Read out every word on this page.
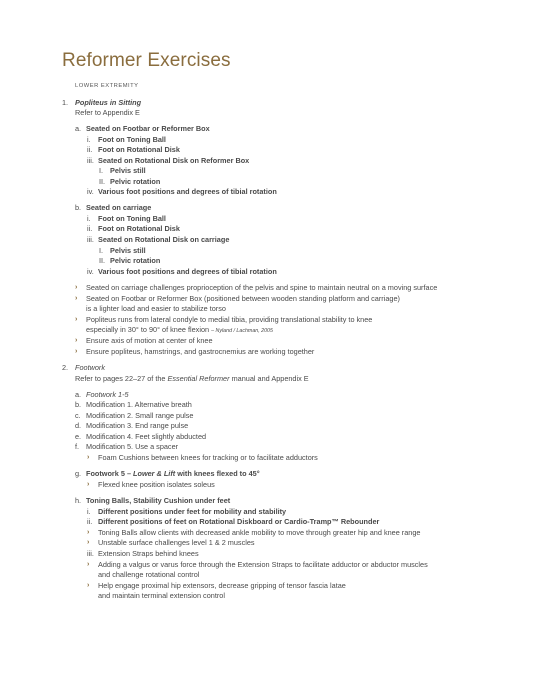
Reformer Exercises
LOWER EXTREMITY
1. Popliteus in Sitting
Refer to Appendix E
a. Seated on Footbar or Reformer Box
i. Foot on Toning Ball
ii. Foot on Rotational Disk
iii. Seated on Rotational Disk on Reformer Box
I. Pelvis still
II. Pelvic rotation
iv. Various foot positions and degrees of tibial rotation
b. Seated on carriage
i. Foot on Toning Ball
ii. Foot on Rotational Disk
iii. Seated on Rotational Disk on carriage
I. Pelvis still
II. Pelvic rotation
iv. Various foot positions and degrees of tibial rotation
› Seated on carriage challenges proprioception of the pelvis and spine to maintain neutral on a moving surface
› Seated on Footbar or Reformer Box (positioned between wooden standing platform and carriage)
is a lighter load and easier to stabilize torso
› Popliteus runs from lateral condyle to medial tibia, providing translational stability to knee
especially in 30° to 90° of knee flexion – Nyland / Lachman, 2005
› Ensure axis of motion at center of knee
› Ensure popliteus, hamstrings, and gastrocnemius are working together
2. Footwork
Refer to pages 22–27 of the Essential Reformer manual and Appendix E
a. Footwork 1-5
b. Modification 1. Alternative breath
c. Modification 2. Small range pulse
d. Modification 3. End range pulse
e. Modification 4. Feet slightly abducted
f. Modification 5. Use a spacer
› Foam Cushions between knees for tracking or to facilitate adductors
g. Footwork 5 – Lower & Lift with knees flexed to 45°
› Flexed knee position isolates soleus
h. Toning Balls, Stability Cushion under feet
i. Different positions under feet for mobility and stability
ii. Different positions of feet on Rotational Diskboard or Cardio-Tramp™ Rebounder
› Toning Balls allow clients with decreased ankle mobility to move through greater hip and knee range
› Unstable surface challenges level 1 & 2 muscles
iii. Extension Straps behind knees
› Adding a valgus or varus force through the Extension Straps to facilitate adductor or abductor muscles
and challenge rotational control
› Help engage proximal hip extensors, decrease gripping of tensor fascia latae
and maintain terminal extension control
